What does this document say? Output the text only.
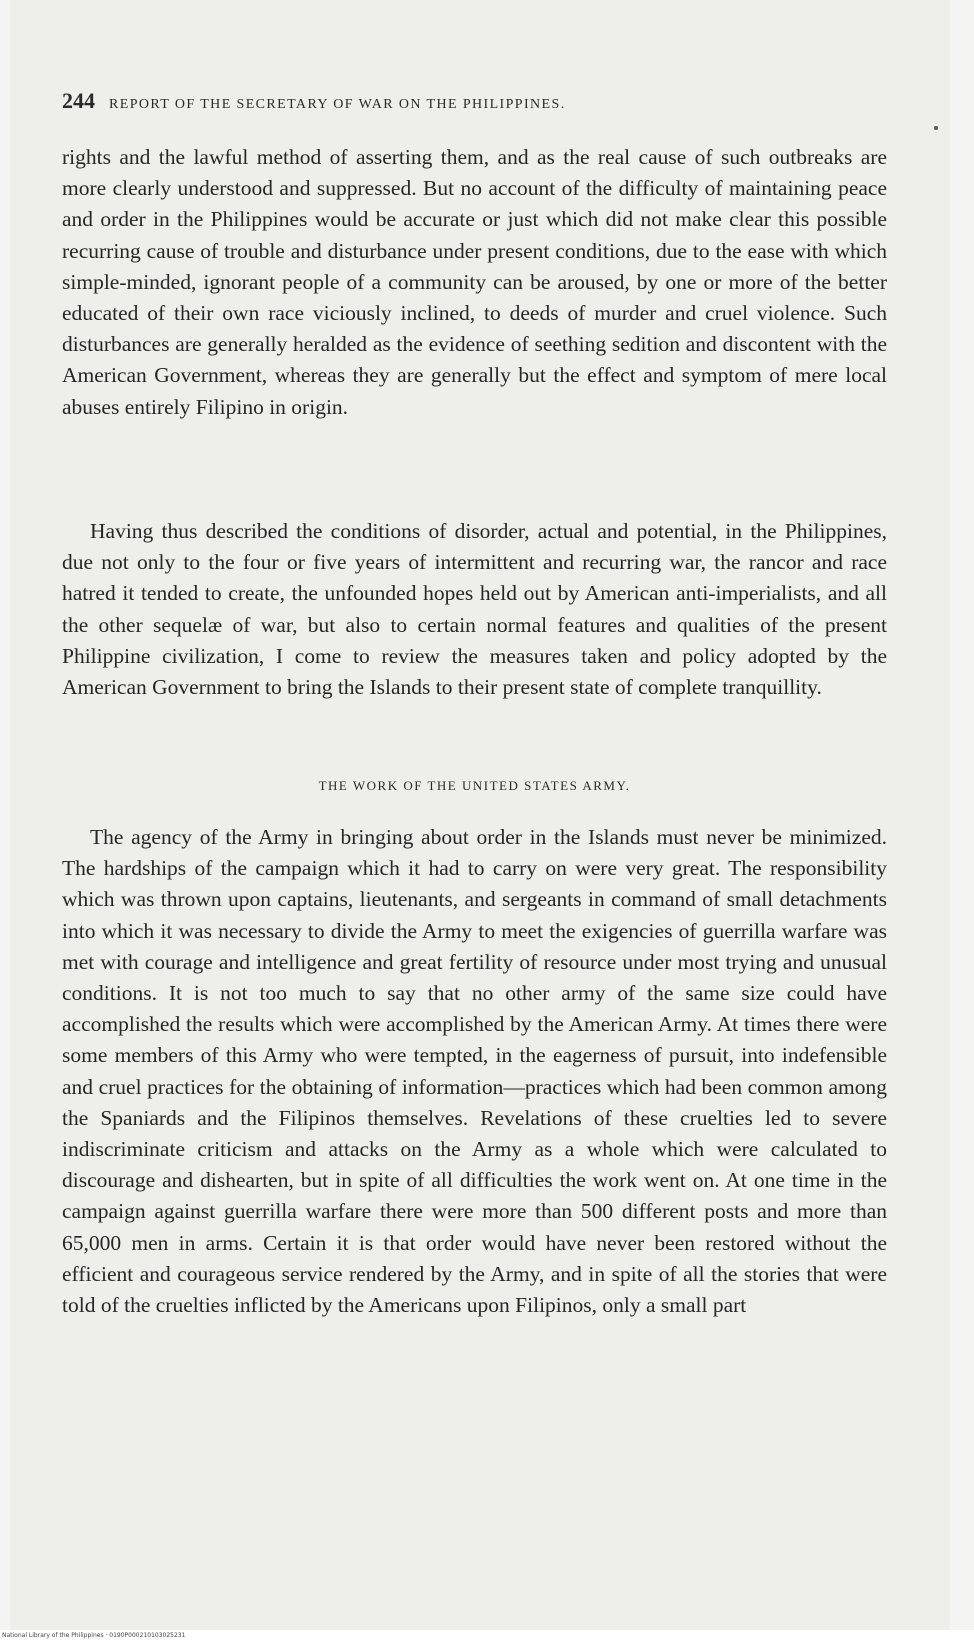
244 REPORT OF THE SECRETARY OF WAR ON THE PHILIPPINES.
rights and the lawful method of asserting them, and as the real cause of such outbreaks are more clearly understood and suppressed. But no account of the difficulty of maintaining peace and order in the Philippines would be accurate or just which did not make clear this possible recurring cause of trouble and disturbance under present conditions, due to the ease with which simple-minded, ignorant people of a community can be aroused, by one or more of the better educated of their own race viciously inclined, to deeds of murder and cruel violence. Such disturbances are generally heralded as the evidence of seething sedition and discontent with the American Government, whereas they are generally but the effect and symptom of mere local abuses entirely Filipino in origin.
Having thus described the conditions of disorder, actual and potential, in the Philippines, due not only to the four or five years of intermittent and recurring war, the rancor and race hatred it tended to create, the unfounded hopes held out by American anti-imperialists, and all the other sequelæ of war, but also to certain normal features and qualities of the present Philippine civilization, I come to review the measures taken and policy adopted by the American Government to bring the Islands to their present state of complete tranquillity.
THE WORK OF THE UNITED STATES ARMY.
The agency of the Army in bringing about order in the Islands must never be minimized. The hardships of the campaign which it had to carry on were very great. The responsibility which was thrown upon captains, lieutenants, and sergeants in command of small detachments into which it was necessary to divide the Army to meet the exigencies of guerrilla warfare was met with courage and intelligence and great fertility of resource under most trying and unusual conditions. It is not too much to say that no other army of the same size could have accomplished the results which were accomplished by the American Army. At times there were some members of this Army who were tempted, in the eagerness of pursuit, into indefensible and cruel practices for the obtaining of information—practices which had been common among the Spaniards and the Filipinos themselves. Revelations of these cruelties led to severe indiscriminate criticism and attacks on the Army as a whole which were calculated to discourage and dishearten, but in spite of all difficulties the work went on. At one time in the campaign against guerrilla warfare there were more than 500 different posts and more than 65,000 men in arms. Certain it is that order would have never been restored without the efficient and courageous service rendered by the Army, and in spite of all the stories that were told of the cruelties inflicted by the Americans upon Filipinos, only a small part
National Library of the Philippines · 0190P000210103025231
